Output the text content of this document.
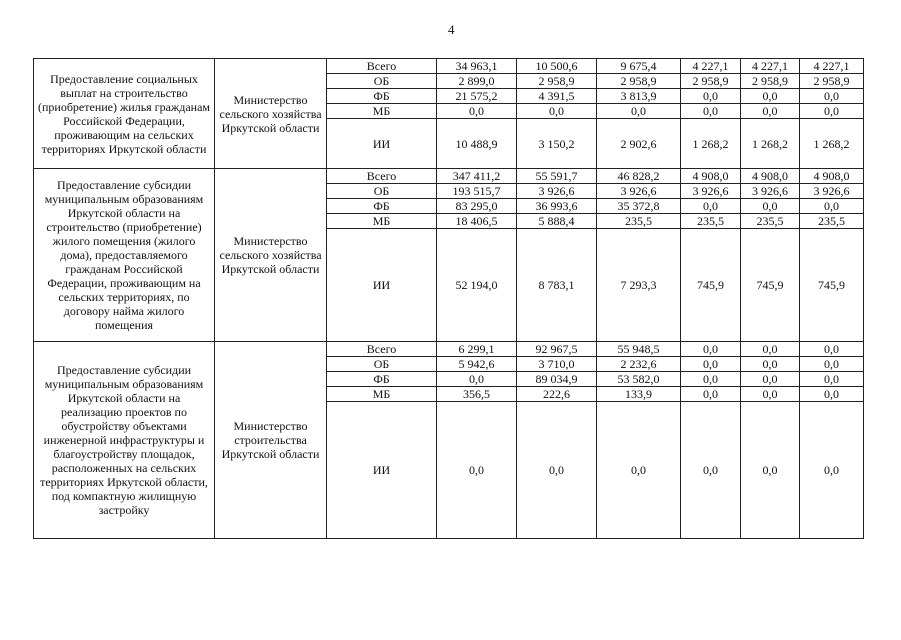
4
Предоставление социальных выплат на строительство (приобретение) жилья гражданам Российской Федерации, проживающим на сельских территориях Иркутской области	Министерство сельского хозяйства Иркутской области	Всего	34 963,1	10 500,6	9 675,4	4 227,1	4 227,1	4 227,1
		ОБ	2 899,0	2 958,9	2 958,9	2 958,9	2 958,9	2 958,9
		ФБ	21 575,2	4 391,5	3 813,9	0,0	0,0	0,0
		МБ	0,0	0,0	0,0	0,0	0,0	0,0
		ИИ	10 488,9	3 150,2	2 902,6	1 268,2	1 268,2	1 268,2
Предоставление субсидии муниципальным образованиям Иркутской области на строительство (приобретение) жилого помещения (жилого дома), предоставляемого гражданам Российской Федерации, проживающим на сельских территориях, по договору найма жилого помещения	Министерство сельского хозяйства Иркутской области	Всего	347 411,2	55 591,7	46 828,2	4 908,0	4 908,0	4 908,0
		ОБ	193 515,7	3 926,6	3 926,6	3 926,6	3 926,6	3 926,6
		ФБ	83 295,0	36 993,6	35 372,8	0,0	0,0	0,0
		МБ	18 406,5	5 888,4	235,5	235,5	235,5	235,5
		ИИ	52 194,0	8 783,1	7 293,3	745,9	745,9	745,9
Предоставление субсидии муниципальным образованиям Иркутской области на реализацию проектов по обустройству объектами инженерной инфраструктуры и благоустройству площадок, расположенных на сельских территориях Иркутской области, под компактную жилищную застройку	Министерство строительства Иркутской области	Всего	6 299,1	92 967,5	55 948,5	0,0	0,0	0,0
		ОБ	5 942,6	3 710,0	2 232,6	0,0	0,0	0,0
		ФБ	0,0	89 034,9	53 582,0	0,0	0,0	0,0
		МБ	356,5	222,6	133,9	0,0	0,0	0,0
		ИИ	0,0	0,0	0,0	0,0	0,0	0,0
